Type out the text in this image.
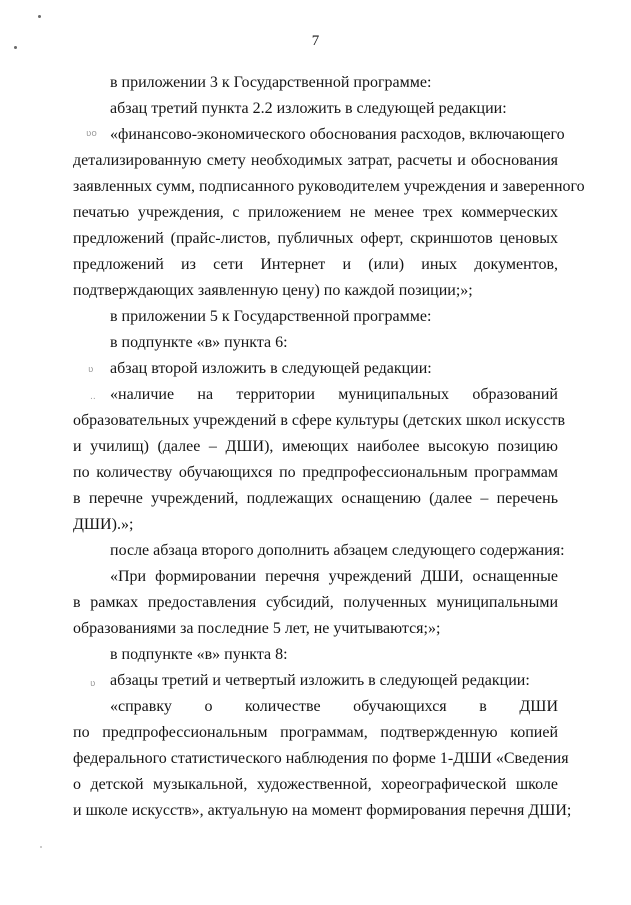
ʋo
ʋ
..
ʋ
7
в приложении 3 к Государственной программе:
абзац третий пункта 2.2 изложить в следующей редакции:
«финансово-экономического обоснования расходов, включающего
детализированную смету необходимых затрат, расчеты и обоснования
заявленных сумм, подписанного руководителем учреждения и заверенного
печатью учреждения, с приложением не менее трех коммерческих
предложений (прайс-листов, публичных оферт, скриншотов ценовых
предложений из сети Интернет и (или) иных документов,
подтверждающих заявленную цену) по каждой позиции;»;
в приложении 5 к Государственной программе:
в подпункте «в» пункта 6:
абзац второй изложить в следующей редакции:
«наличие на территории муниципальных образований
образовательных учреждений в сфере культуры (детских школ искусств
и училищ) (далее – ДШИ), имеющих наиболее высокую позицию
по количеству обучающихся по предпрофессиональным программам
в перечне учреждений, подлежащих оснащению (далее – перечень
ДШИ).»;
после абзаца второго дополнить абзацем следующего содержания:
«При формировании перечня учреждений ДШИ, оснащенные
в рамках предоставления субсидий, полученных муниципальными
образованиями за последние 5 лет, не учитываются;»;
в подпункте «в» пункта 8:
абзацы третий и четвертый изложить в следующей редакции:
«справку о количестве обучающихся в ДШИ
по предпрофессиональным программам, подтвержденную копией
федерального статистического наблюдения по форме 1-ДШИ «Сведения
о детской музыкальной, художественной, хореографической школе
и школе искусств», актуальную на момент формирования перечня ДШИ;
